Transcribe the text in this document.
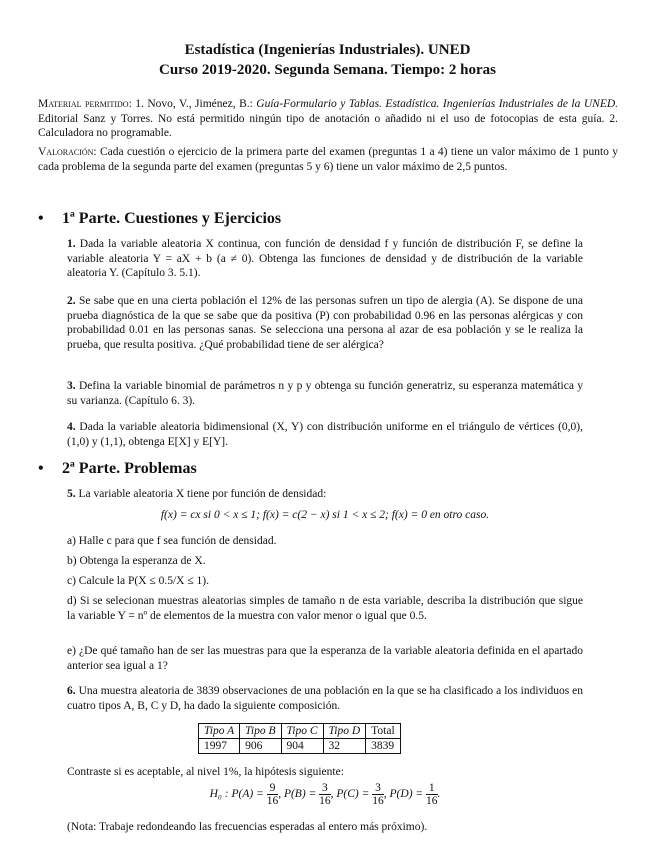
Estadística (Ingenierías Industriales). UNED
Curso 2019-2020. Segunda Semana. Tiempo: 2 horas
Material permitido: 1. Novo, V., Jiménez, B.: Guía-Formulario y Tablas. Estadística. Ingenierías Industriales de la UNED. Editorial Sanz y Torres. No está permitido ningún tipo de anotación o añadido ni el uso de fotocopias de esta guía. 2. Calculadora no programable.
Valoración: Cada cuestión o ejercicio de la primera parte del examen (preguntas 1 a 4) tiene un valor máximo de 1 punto y cada problema de la segunda parte del examen (preguntas 5 y 6) tiene un valor máximo de 2,5 puntos.
• 1ª Parte. Cuestiones y Ejercicios
1. Dada la variable aleatoria X continua, con función de densidad f y función de distribución F, se define la variable aleatoria Y = aX + b (a ≠ 0). Obtenga las funciones de densidad y de distribución de la variable aleatoria Y. (Capítulo 3. 5.1).
2. Se sabe que en una cierta población el 12% de las personas sufren un tipo de alergia (A). Se dispone de una prueba diagnóstica de la que se sabe que da positiva (P) con probabilidad 0.96 en las personas alérgicas y con probabilidad 0.01 en las personas sanas. Se selecciona una persona al azar de esa población y se le realiza la prueba, que resulta positiva. ¿Qué probabilidad tiene de ser alérgica?
3. Defina la variable binomial de parámetros n y p y obtenga su función generatriz, su esperanza matemática y su varianza. (Capítulo 6. 3).
4. Dada la variable aleatoria bidimensional (X, Y) con distribución uniforme en el triángulo de vértices (0,0), (1,0) y (1,1), obtenga E[X] y E[Y].
• 2ª Parte. Problemas
5. La variable aleatoria X tiene por función de densidad:
f(x) = cx si 0 < x ≤ 1; f(x) = c(2 − x) si 1 < x ≤ 2; f(x) = 0 en otro caso.
a) Halle c para que f sea función de densidad.
b) Obtenga la esperanza de X.
c) Calcule la P(X ≤ 0.5/X ≤ 1).
d) Si se selecionan muestras aleatorias simples de tamaño n de esta variable, describa la distribución que sigue la variable Y = nº de elementos de la muestra con valor menor o igual que 0.5.
e) ¿De qué tamaño han de ser las muestras para que la esperanza de la variable aleatoria definida en el apartado anterior sea igual a 1?
6. Una muestra aleatoria de 3839 observaciones de una población en la que se ha clasificado a los individuos en cuatro tipos A, B, C y D, ha dado la siguiente composición.
Tipo A	Tipo B	Tipo C	Tipo D	Total
1997	906	904	32	3839
Contraste si es aceptable, al nivel 1%, la hipótesis siguiente:
H₀ : $P(A) = \frac{9}{16}$ , $P(B) = \frac{3}{16}$ , $P(C) = \frac{3}{16}$ , $P(D) = \frac{1}{16}$ .
(Nota: Trabaje redondeando las frecuencias esperadas al entero más próximo).
